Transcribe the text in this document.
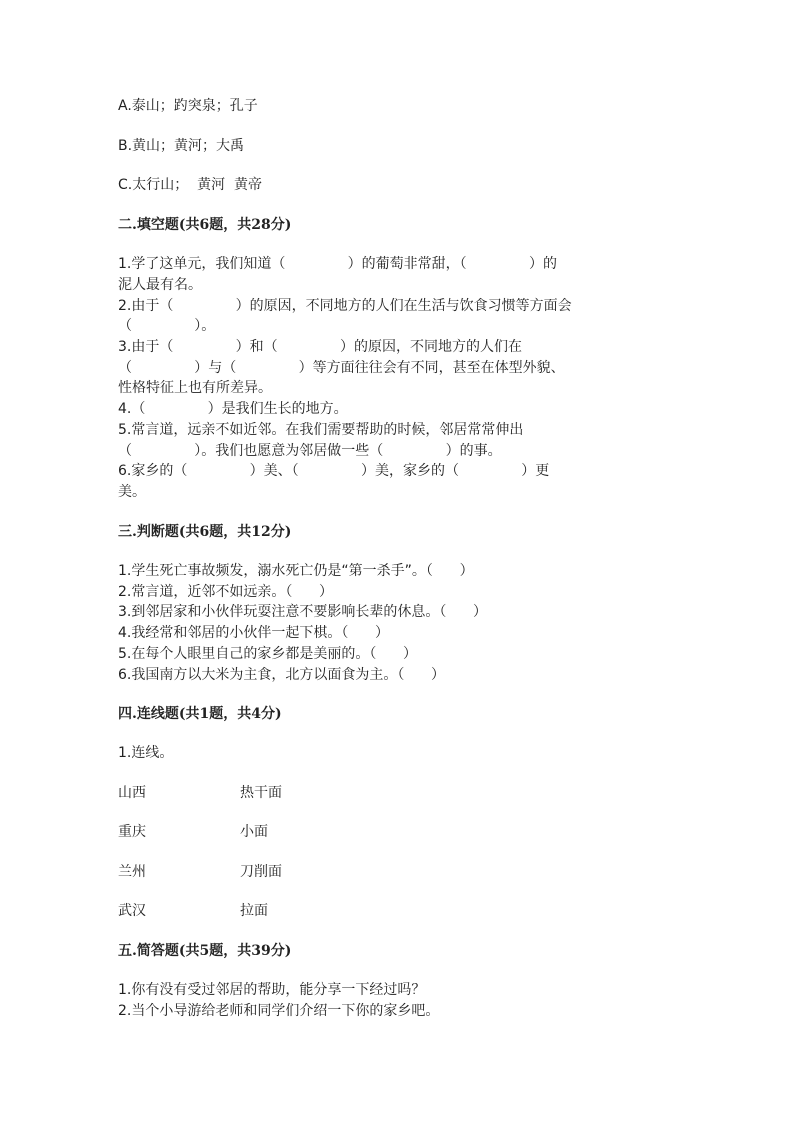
A.泰山；趵突泉；孔子

B.黄山；黄河；大禹

C.太行山；  黄河  黄帝

二.填空题(共6题，共28分)

1.学了这单元，我们知道（              ）的葡萄非常甜，（              ）的

泥人最有名。

2.由于（              ）的原因，不同地方的人们在生活与饮食习惯等方面会

（              ）。

3.由于（              ）和（              ）的原因，不同地方的人们在

（              ）与（              ）等方面往往会有不同，甚至在体型外貌、

性格特征上也有所差异。

4.（              ）是我们生长的地方。

5.常言道，远亲不如近邻。在我们需要帮助的时候，邻居常常伸出

（              ）。我们也愿意为邻居做一些（              ）的事。

6.家乡的（              ）美、（              ）美，家乡的（              ）更

美。

三.判断题(共6题，共12分)

1.学生死亡事故频发，溺水死亡仍是“第一杀手”。（      ）

2.常言道，近邻不如远亲。（      ）

3.到邻居家和小伙伴玩耍注意不要影响长辈的休息。（      ）

4.我经常和邻居的小伙伴一起下棋。（      ）

5.在每个人眼里自己的家乡都是美丽的。（      ）

6.我国南方以大米为主食，北方以面食为主。（      ）

四.连线题(共1题，共4分)

1.连线。

山西	热干面

重庆	小面

兰州	刀削面

武汉	拉面

五.简答题(共5题，共39分)

1.你有没有受过邻居的帮助，能分享一下经过吗？

2.当个小导游给老师和同学们介绍一下你的家乡吧。
